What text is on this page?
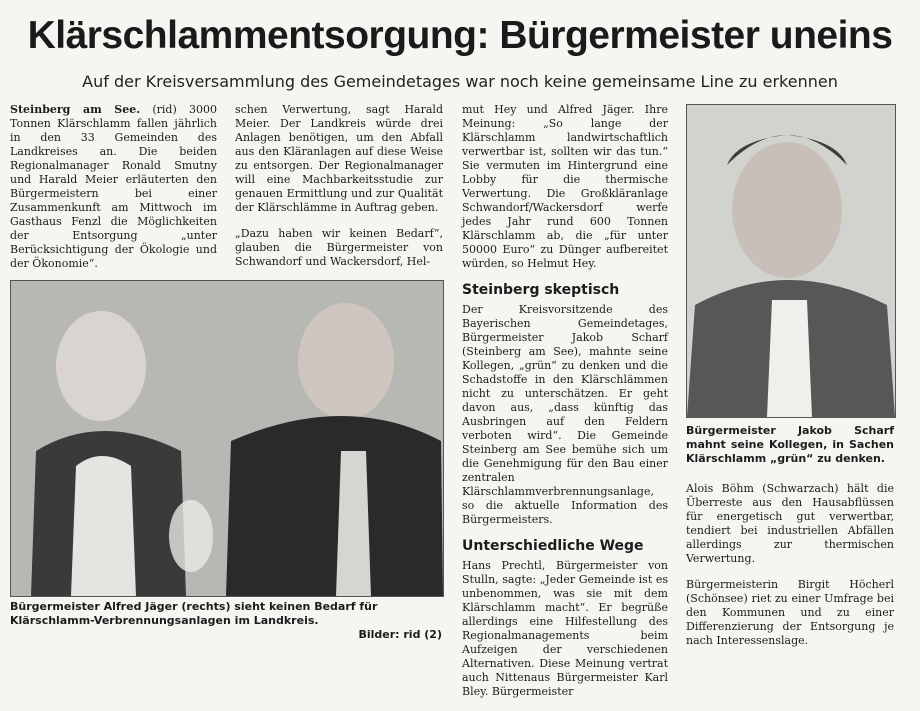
Klärschlammentsorgung: Bürgermeister uneins
Auf der Kreisversammlung des Gemeindetages war noch keine gemeinsame Line zu erkennen

Steinberg am See. (rid) 3000 Tonnen Klärschlamm fallen jährlich in den 33 Gemeinden des Landkreises an. Die beiden Regionalmanager Ronald Smutny und Harald Meier erläuterten den Bürgermeistern bei einer Zusammenkunft am Mittwoch im Gasthaus Fenzl die Möglichkeiten der Entsorgung „unter Berücksichtigung der Ökologie und der Ökonomie“.

schen Verwertung, sagt Harald Meier. Der Landkreis würde drei Anlagen benötigen, um den Abfall aus den Kläranlagen auf diese Weise zu entsorgen. Der Regionalmanager will eine Machbarkeitsstudie zur genauen Ermittlung und zur Qualität der Klärschlämme in Auftrag geben.

„Dazu haben wir keinen Bedarf“, glauben die Bürgermeister von Schwandorf und Wackersdorf, Hel-

mut Hey und Alfred Jäger. Ihre Meinung: „So lange der Klärschlamm landwirtschaftlich verwertbar ist, sollten wir das tun.“ Sie vermuten im Hintergrund eine Lobby für die thermische Verwertung. Die Großkläranlage Schwandorf/Wackersdorf werfe jedes Jahr rund 600 Tonnen Klärschlamm ab, die „für unter 50000 Euro“ zu Dünger aufbereitet würden, so Helmut Hey.

Steinberg skeptisch

Der Kreisvorsitzende des Bayerischen Gemeindetages, Bürgermeister Jakob Scharf (Steinberg am See), mahnte seine Kollegen, „grün“ zu denken und die Schadstoffe in den Klärschlämmen nicht zu unterschätzen. Er geht davon aus, „dass künftig das Ausbringen auf den Feldern verboten wird“. Die Gemeinde Steinberg am See bemühe sich um die Genehmigung für den Bau einer zentralen Klärschlammverbrennungsanlage, so die aktuelle Information des Bürgermeisters.

Unterschiedliche Wege

Hans Prechtl, Bürgermeister von Stulln, sagte: „Jeder Gemeinde ist es unbenommen, was sie mit dem Klärschlamm macht“. Er begrüße allerdings eine Hilfestellung des Regionalmanagements beim Aufzeigen der verschiedenen Alternativen. Diese Meinung vertrat auch Nittenaus Bürgermeister Karl Bley. Bürgermeister

Bürgermeister Alfred Jäger (rechts) sieht keinen Bedarf für Klärschlamm-Verbrennungsanlagen im Landkreis.
Bilder: rid (2)
Bürgermeister Jakob Scharf mahnt seine Kollegen, in Sachen Klärschlamm „grün“ zu denken.

Alois Böhm (Schwarzach) hält die Überreste aus den Hausabflüssen für energetisch gut verwertbar, tendiert bei industriellen Abfällen allerdings zur thermischen Verwertung.

Bürgermeisterin Birgit Höcherl (Schönsee) riet zu einer Umfrage bei den Kommunen und zu einer Differenzierung der Entsorgung je nach Interessenslage.
